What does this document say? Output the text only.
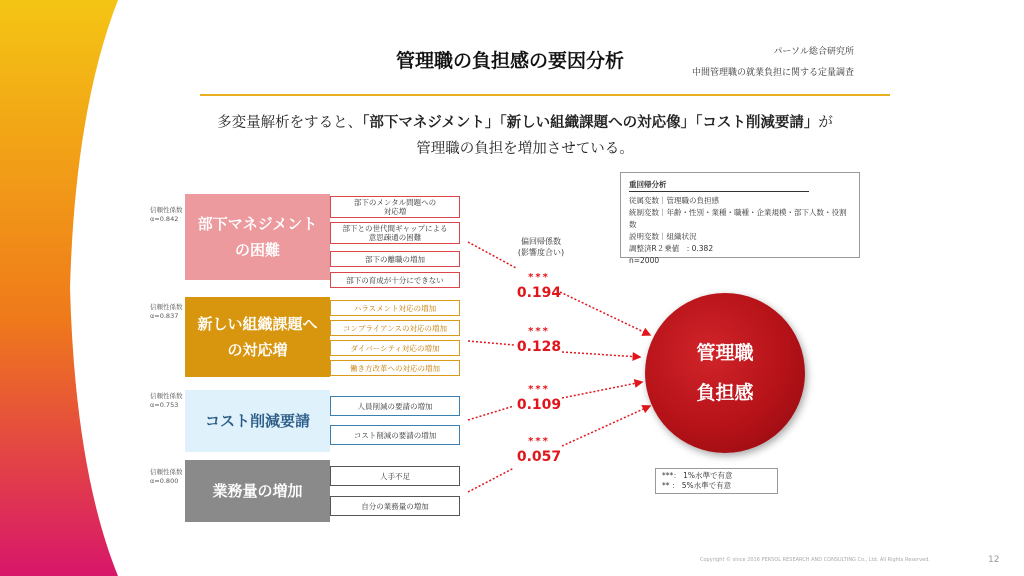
管理職の負担感の要因分析	パーソル総合研究所
中間管理職の就業負担に関する定量調査
多変量解析をすると、「部下マネジメント」「新しい組織課題への対応像」「コスト削減要請」が
管理職の負担を増加させている。
信頼性係数
α=0.842 部下マネジメント
の困難
部下のメンタル問題への
対応増
部下との世代間ギャップによる
意思疎通の困難
部下の離職の増加
部下の育成が十分にできない
信頼性係数
α=0.837 新しい組織課題へ
の対応増
ハラスメント対応の増加
コンプライアンスの対応の増加
ダイバーシティ対応の増加
働き方改革への対応の増加
信頼性係数
α=0.753
コスト削減要請
人員削減の要請の増加
コスト削減の要請の増加
信頼性係数
α=0.800
業務量の増加
人手不足
自分の業務量の増加
偏回帰係数
(影響度合い)
***
0.194
***
0.128
***
0.109
***
0.057
重回帰分析
従属変数｜管理職の負担感
統制変数｜年齢・性別・業種・職種・企業規模・部下人数・役割数
説明変数｜組織状況
調整済R２乗値　: 0.382
n=2000
管理職
負担感
***： 1%水準で有意
** ： 5%水準で有意
Copyright © since 2016 PERSOL RESEARCH AND CONSULTING Co., Ltd. All Rights Reserved.	12
